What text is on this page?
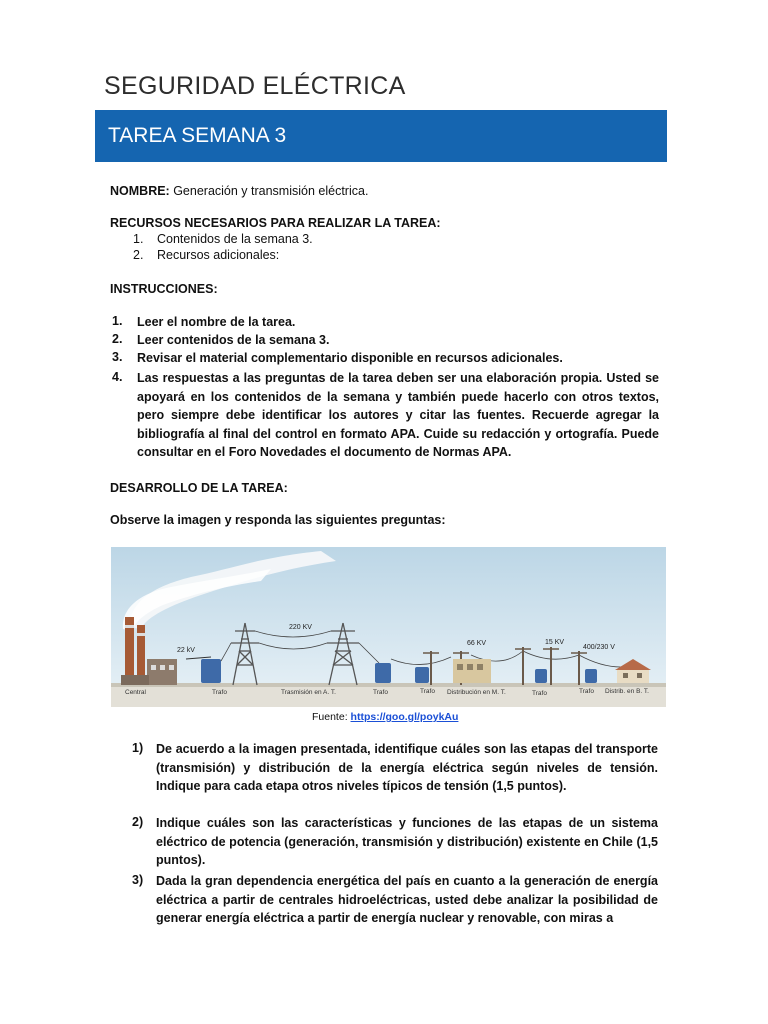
SEGURIDAD ELÉCTRICA
TAREA SEMANA 3
NOMBRE: Generación y transmisión eléctrica.
RECURSOS NECESARIOS PARA REALIZAR LA TAREA:
1. Contenidos de la semana 3.
2. Recursos adicionales:
INSTRUCCIONES:
1.	Leer el nombre de la tarea.
2.	Leer contenidos de la semana 3.
3.	Revisar el material complementario disponible en recursos adicionales.
4.	Las respuestas a las preguntas de la tarea deben ser una elaboración propia. Usted se apoyará en los contenidos de la semana y también puede hacerlo con otros textos, pero siempre debe identificar los autores y citar las fuentes. Recuerde agregar la bibliografía al final del control en formato APA. Cuide su redacción y ortografía. Puede consultar en el Foro Novedades el documento de Normas APA.
DESARROLLO DE LA TAREA:
Observe la imagen y responda las siguientes preguntas:
22 kV
220 KV
66 KV	15 KV
400/230 V
Central	Trafo	Trasmisión en A. T.	Trafo	Trafo Distribución en M. T.	Trafo	Trafo Distrib. en B. T.
Fuente: https://goo.gl/poykAu
1) De acuerdo a la imagen presentada, identifique cuáles son las etapas del transporte (transmisión) y distribución de la energía eléctrica según niveles de tensión. Indique para cada etapa otros niveles típicos de tensión (1,5 puntos).
2) Indique cuáles son las características y funciones de las etapas de un sistema eléctrico de potencia (generación, transmisión y distribución) existente en Chile (1,5 puntos).
3) Dada la gran dependencia energética del país en cuanto a la generación de energía eléctrica a partir de centrales hidroeléctricas, usted debe analizar la posibilidad de generar energía eléctrica a partir de energía nuclear y renovable, con miras a
